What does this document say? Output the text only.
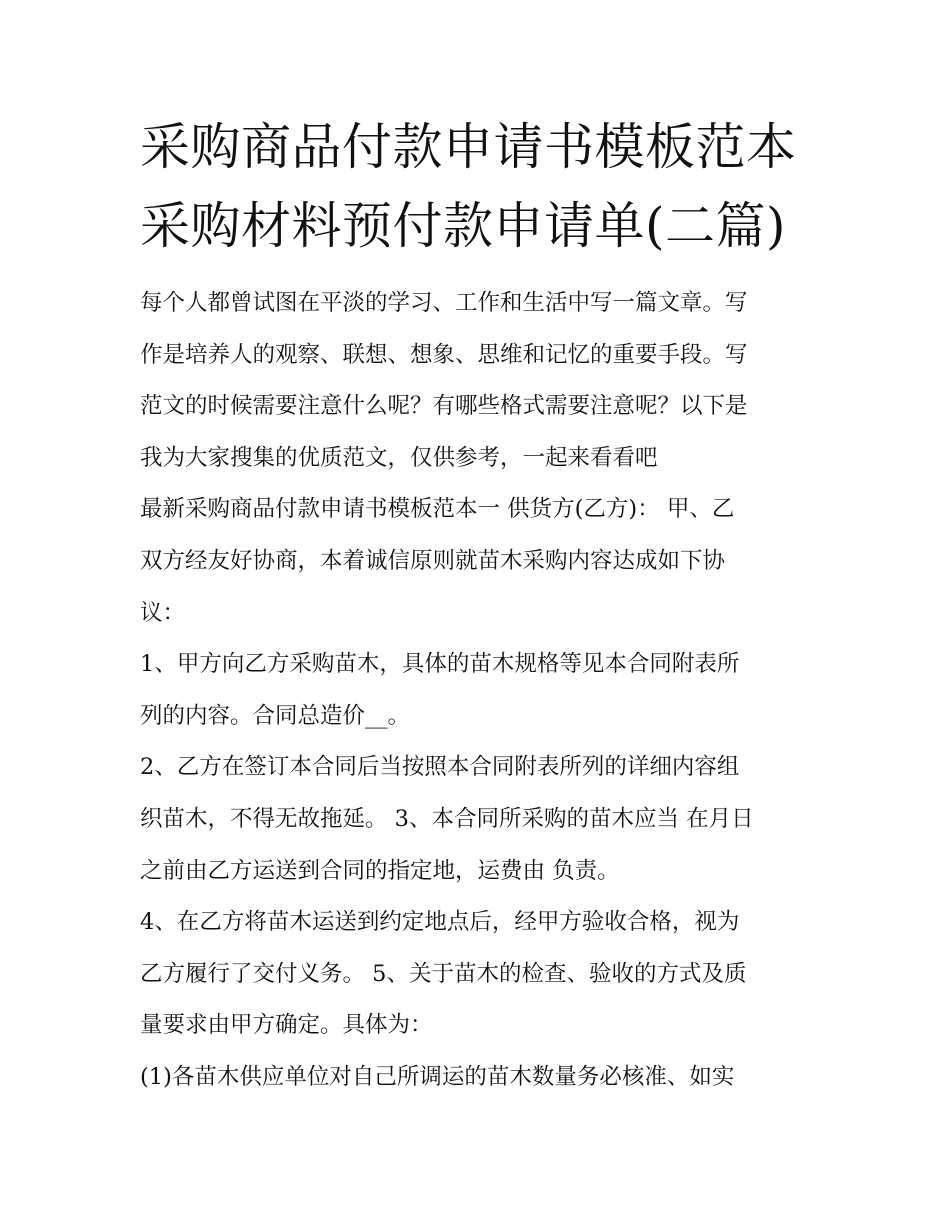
采购商品付款申请书模板范本
采购材料预付款申请单(二篇)
每个人都曾试图在平淡的学习、工作和生活中写一篇文章。写
作是培养人的观察、联想、想象、思维和记忆的重要手段。写
范文的时候需要注意什么呢？有哪些格式需要注意呢？以下是
我为大家搜集的优质范文，仅供参考，一起来看看吧
最新采购商品付款申请书模板范本一 供货方(乙方)： 甲、乙
双方经友好协商，本着诚信原则就苗木采购内容达成如下协
议：
1、甲方向乙方采购苗木，具体的苗木规格等见本合同附表所
列的内容。合同总造价__。
2、乙方在签订本合同后当按照本合同附表所列的详细内容组
织苗木，不得无故拖延。 3、本合同所采购的苗木应当 在月日
之前由乙方运送到合同的指定地，运费由 负责。
4、在乙方将苗木运送到约定地点后，经甲方验收合格，视为
乙方履行了交付义务。 5、关于苗木的检查、验收的方式及质
量要求由甲方确定。具体为：
(1)各苗木供应单位对自己所调运的苗木数量务必核准、如实
